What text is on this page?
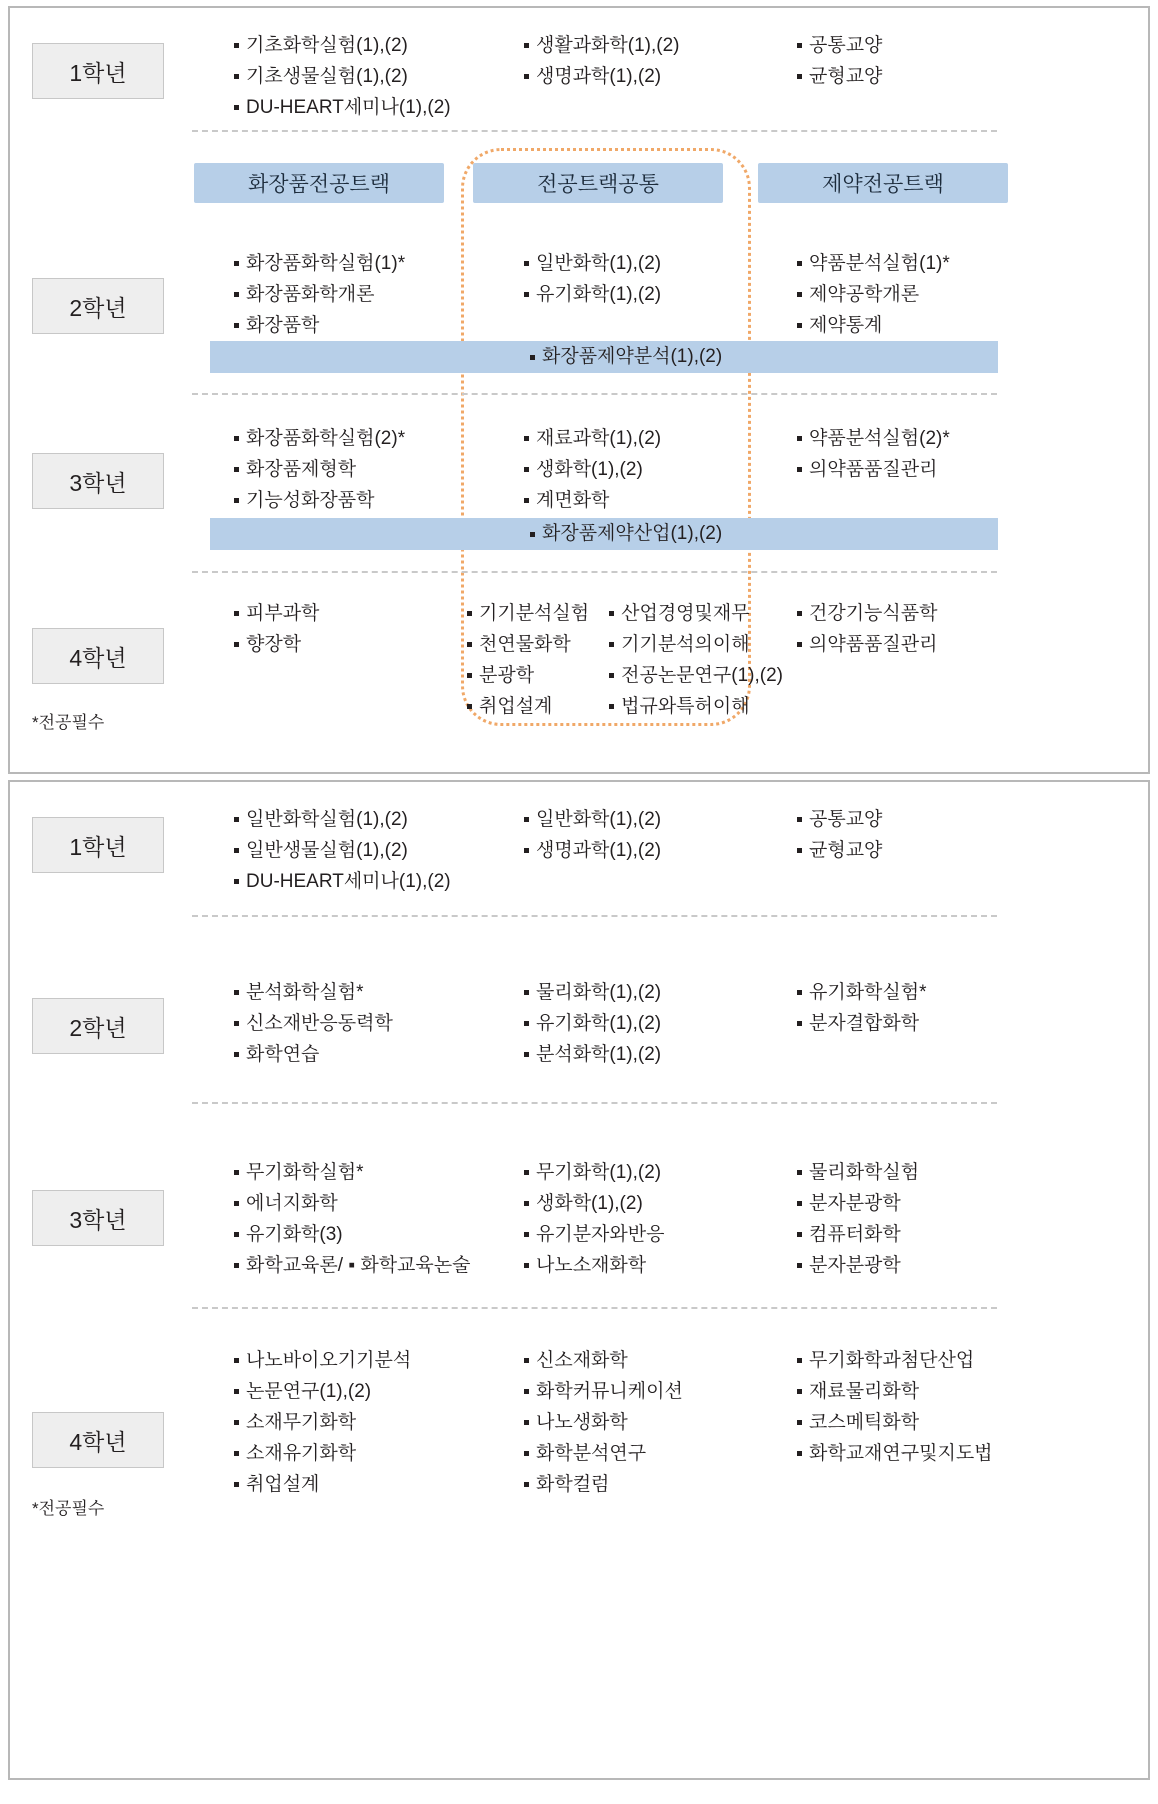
1학년
기초화학실험(1),(2)
기초생물실험(1),(2)
DU-HEART세미나(1),(2)
생활과화학(1),(2)
생명과학(1),(2)
공통교양
균형교양
화장품전공트랙	전공트랙공통	제약전공트랙
2학년
화장품화학실험(1)*
화장품화학개론
화장품학
일반화학(1),(2)
유기화학(1),(2)
약품분석실험(1)*
제약공학개론
제약통계
화장품제약분석(1),(2)
3학년
화장품화학실험(2)*
화장품제형학
기능성화장품학
재료과학(1),(2)
생화학(1),(2)
계면화학
약품분석실험(2)*
의약품품질관리
화장품제약산업(1),(2)
4학년
*전공필수
피부과학
향장학
기기분석실험
천연물화학
분광학
취업설계
산업경영및재무
기기분석의이해
전공논문연구(1),(2)
법규와특허이해
건강기능식품학
의약품품질관리
1학년
일반화학실험(1),(2)
일반생물실험(1),(2)
DU-HEART세미나(1),(2)
일반화학(1),(2)
생명과학(1),(2)
공통교양
균형교양
2학년
분석화학실험*
신소재반응동력학
화학연습
물리화학(1),(2)
유기화학(1),(2)
분석화학(1),(2)
유기화학실험*
분자결합화학
3학년
무기화학실험*
에너지화학
유기화학(3)
화학교육론/ ▪ 화학교육논술
무기화학(1),(2)
생화학(1),(2)
유기분자와반응
나노소재화학
물리화학실험
분자분광학
컴퓨터화학
분자분광학
4학년
*전공필수
나노바이오기기분석
논문연구(1),(2)
소재무기화학
소재유기화학
취업설계
신소재화학
화학커뮤니케이션
나노생화학
화학분석연구
화학컬럼
무기화학과첨단산업
재료물리화학
코스메틱화학
화학교재연구및지도법
